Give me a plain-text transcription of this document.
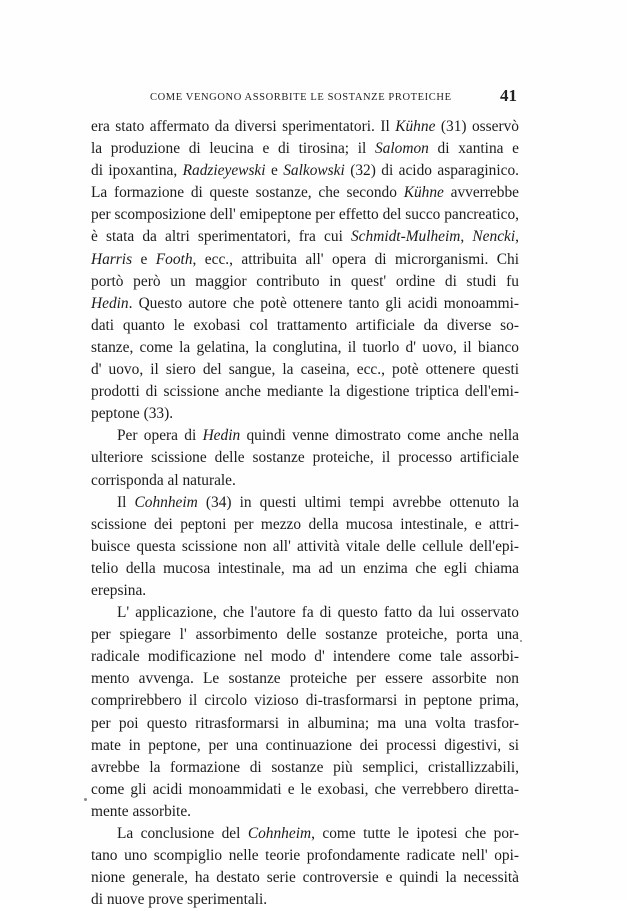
COME VENGONO ASSORBITE LE SOSTANZE PROTEICHE	41
era stato affermato da diversi sperimentatori. Il Kühne (31) osservò
la produzione di leucina e di tirosina; il Salomon di xantina e
di ipoxantina, Radzieyewski e Salkowski (32) di acido asparaginico.
La formazione di queste sostanze, che secondo Kühne avverrebbe
per scomposizione dell' emipeptone per effetto del succo pancreatico,
è stata da altri sperimentatori, fra cui Schmidt-Mulheim, Nencki,
Harris e Footh, ecc., attribuita all' opera di microrganismi. Chi
portò però un maggior contributo in quest' ordine di studi fu
Hedin. Questo autore che potè ottenere tanto gli acidi monoammi-
dati quanto le exobasi col trattamento artificiale da diverse so-
stanze, come la gelatina, la conglutina, il tuorlo d' uovo, il bianco
d' uovo, il siero del sangue, la caseina, ecc., potè ottenere questi
prodotti di scissione anche mediante la digestione triptica dell'emi-
peptone (33).
Per opera di Hedin quindi venne dimostrato come anche nella
ulteriore scissione delle sostanze proteiche, il processo artificiale
corrisponda al naturale.
Il Cohnheim (34) in questi ultimi tempi avrebbe ottenuto la
scissione dei peptoni per mezzo della mucosa intestinale, e attri-
buisce questa scissione non all' attività vitale delle cellule dell'epi-
telio della mucosa intestinale, ma ad un enzima che egli chiama
erepsina.
L' applicazione, che l'autore fa di questo fatto da lui osservato
per spiegare l' assorbimento delle sostanze proteiche, porta una
radicale modificazione nel modo d' intendere come tale assorbi-
mento avvenga. Le sostanze proteiche per essere assorbite non
comprirebbero il circolo vizioso di-trasformarsi in peptone prima,
per poi questo ritrasformarsi in albumina; ma una volta trasfor-
mate in peptone, per una continuazione dei processi digestivi, si
avrebbe la formazione di sostanze più semplici, cristallizzabili,
come gli acidi monoammidati e le exobasi, che verrebbero diretta-
mente assorbite.
La conclusione del Cohnheim, come tutte le ipotesi che por-
tano uno scompiglio nelle teorie profondamente radicate nell' opi-
nione generale, ha destato serie controversie e quindi la necessità
di nuove prove sperimentali.
